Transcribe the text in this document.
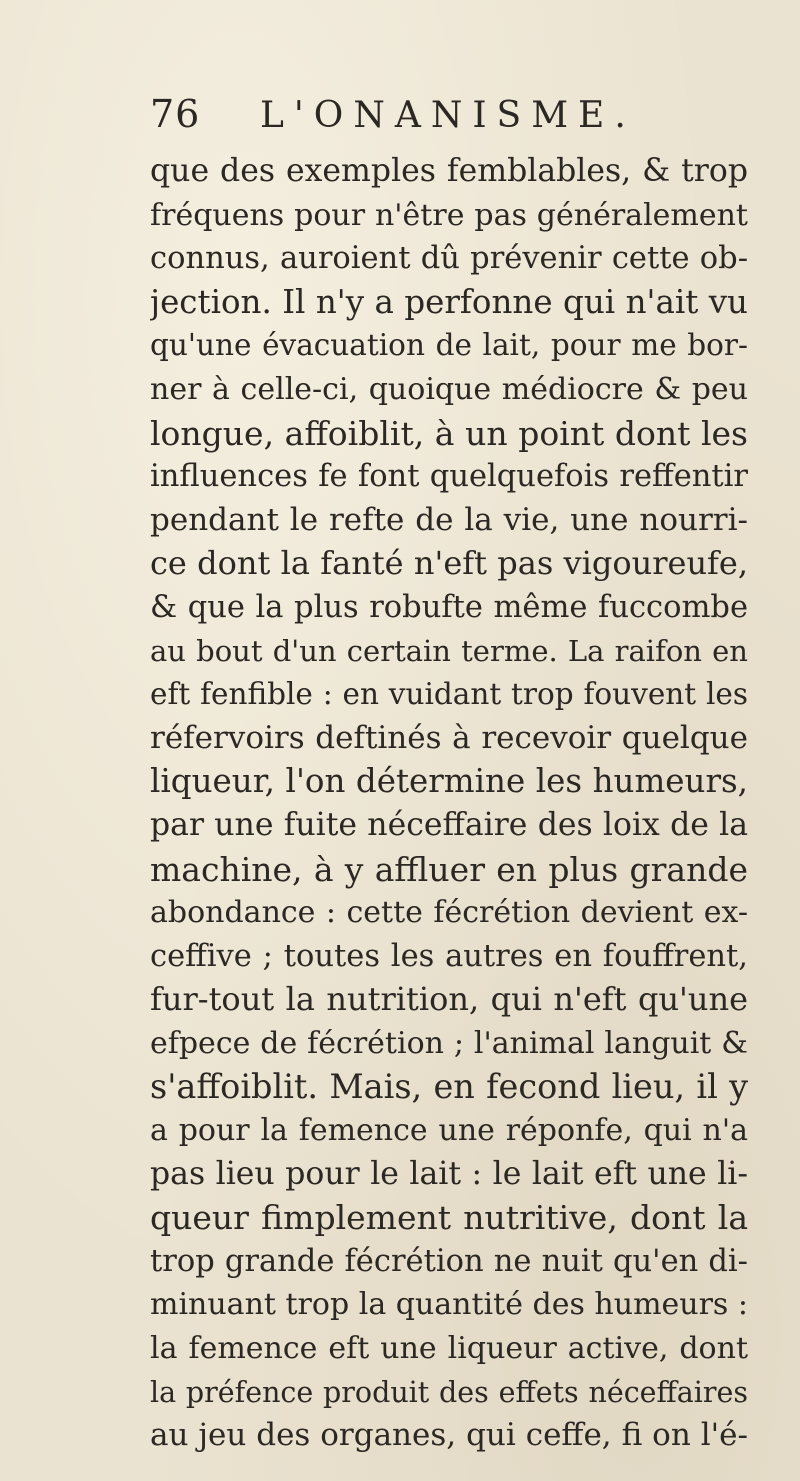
76 L'ONANISME.
que des exemples femblables, & trop
fréquens pour n'être pas généralement
connus, auroient dû prévenir cette ob-
jection. Il n'y a perfonne qui n'ait vu
qu'une évacuation de lait, pour me bor-
ner à celle-ci, quoique médiocre & peu
longue, affoiblit, à un point dont les
influences fe font quelquefois reffentir
pendant le refte de la vie, une nourri-
ce dont la fanté n'eft pas vigoureufe,
& que la plus robufte même fuccombe
au bout d'un certain terme. La raifon en
eft fenfible : en vuidant trop fouvent les
réfervoirs deftinés à recevoir quelque
liqueur, l'on détermine les humeurs,
par une fuite néceffaire des loix de la
machine, à y affluer en plus grande
abondance : cette fécrétion devient ex-
ceffive ; toutes les autres en fouffrent,
fur-tout la nutrition, qui n'eft qu'une
efpece de fécrétion ; l'animal languit &
s'affoiblit. Mais, en fecond lieu, il y
a pour la femence une réponfe, qui n'a
pas lieu pour le lait : le lait eft une li-
queur fimplement nutritive, dont la
trop grande fécrétion ne nuit qu'en di-
minuant trop la quantité des humeurs :
la femence eft une liqueur active, dont
la préfence produit des effets néceffaires
au jeu des organes, qui ceffe, fi on l'é-
